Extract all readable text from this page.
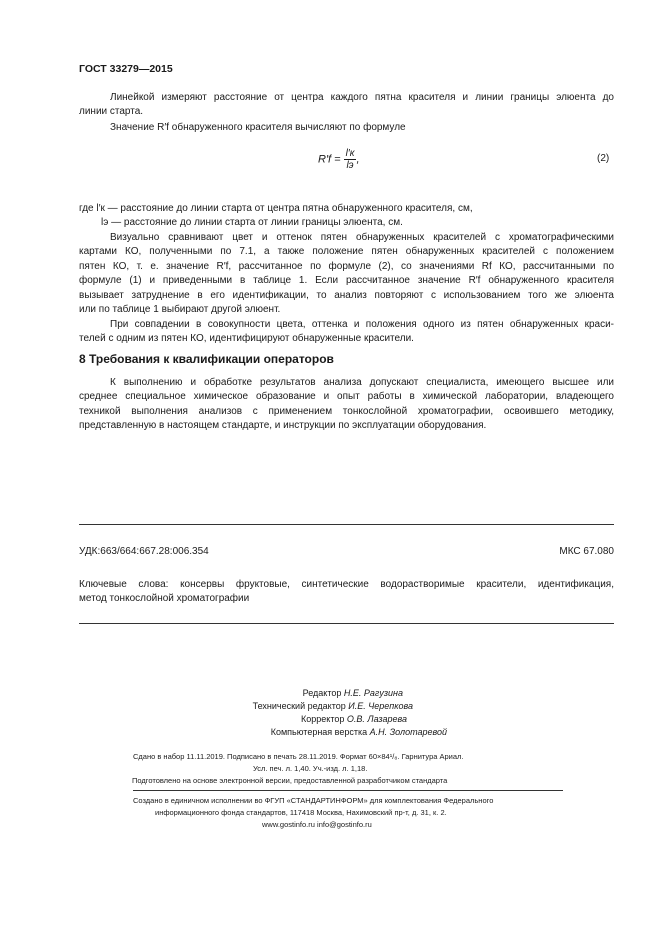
ГОСТ 33279—2015
Линейкой измеряют расстояние от центра каждого пятна красителя и линии границы элюента до
линии старта.
Значение R′f обнаруженного красителя вычисляют по формуле
$R'f = \frac{l'к}{lэ}$ ,	(2)
где l′к — расстояние до линии старта от центра пятна обнаруженного красителя, см,
lэ — расстояние до линии старта от линии границы элюента, см.
Визуально сравнивают цвет и оттенок пятен обнаруженных красителей с хроматографическими
картами КО, полученными по 7.1, а также положение пятен обнаруженных красителей с положением
пятен КО, т. е. значение R′f, рассчитанное по формуле (2), со значениями Rf КО, рассчитанными по
формуле (1) и приведенными в таблице 1. Если рассчитанное значение R′f обнаруженного красителя
вызывает затруднение в его идентификации, то анализ повторяют с использованием того же элюента
или по таблице 1 выбирают другой элюент.
При совпадении в совокупности цвета, оттенка и положения одного из пятен обнаруженных краси-
телей с одним из пятен КО, идентифицируют обнаруженные красители.
8 Требования к квалификации операторов
К выполнению и обработке результатов анализа допускают специалиста, имеющего высшее или
среднее специальное химическое образование и опыт работы в химической лаборатории, владеющего
техникой выполнения анализов с применением тонкослойной хроматографии, освоившего методику,
представленную в настоящем стандарте, и инструкции по эксплуатации оборудования.
УДК:663/664:667.28:006.354	МКС 67.080
Ключевые слова: консервы фруктовые, синтетические водорастворимые красители, идентификация,
метод тонкослойной хроматографии
Редактор Н.Е. Рагузина
Технический редактор И.Е. Черепкова
Корректор О.В. Лазарева
Компьютерная верстка А.Н. Золотаревой
Сдано в набор 11.11.2019. Подписано в печать 28.11.2019. Формат 60×84¹/₈. Гарнитура Ариал.
Усл. печ. л. 1,40. Уч.-изд. л. 1,18.
Подготовлено на основе электронной версии, предоставленной разработчиком стандарта
Создано в единичном исполнении во ФГУП «СТАНДАРТИНФОРМ» для комплектования Федерального
информационного фонда стандартов, 117418 Москва, Нахимовский пр-т, д. 31, к. 2.
www.gostinfo.ru info@gostinfo.ru
